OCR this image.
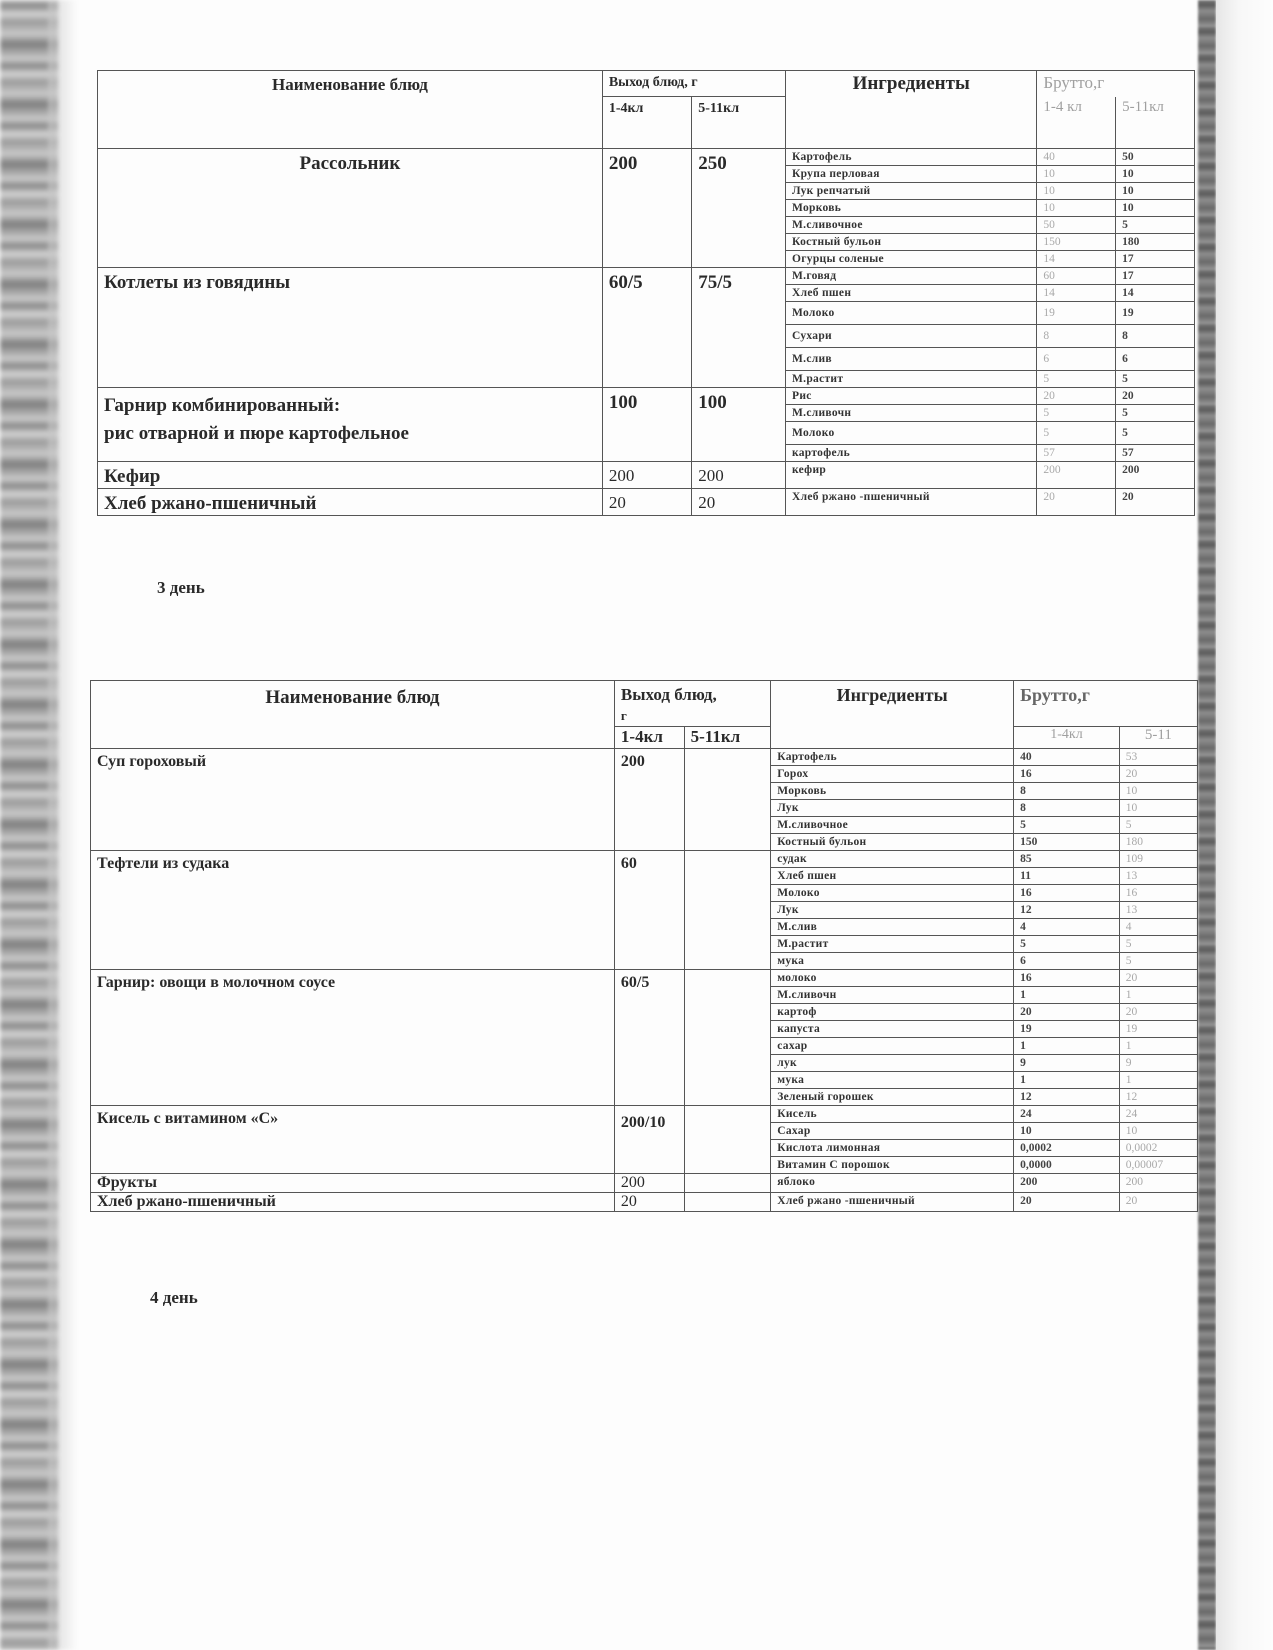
Наименование блюд	Выход блюд, г		Ингредиенты	Брутто,г	
	1-4кл	5-11кл		1-4 кл	5-11кл
Рассольник	200	250	Картофель	40	50
			Крупа перловая	10	10
			Лук репчатый	10	10
			Морковь	10	10
			М.сливочное	50	5
			Костный бульон	150	180
			Огурцы соленые	14	17
Котлеты из говядины	60/5	75/5	М.говяд	60	17
			Хлеб пшен	14	14
			Молоко	19	19
			Сухари	8	8
			М.слив	6	6
			М.растит	5	5
Гарнир комбинированный:
рис отварной и пюре картофельное	100	100	Рис	20	20
			М.сливочн	5	5
			Молоко	5	5
			картофель	57	57
Кефир	200	200	кефир	200	200
Хлеб ржано-пшеничный	20	20	Хлеб ржано -пшеничный	20	20
3 день
Наименование блюд	Выход блюд,
г		Ингредиенты	Брутто,г	
	1-4кл	5-11кл		1-4кл	5-11
Суп гороховый	200		Картофель	40	53
			Горох	16	20
			Морковь	8	10
			Лук	8	10
			М.сливочное	5	5
			Костный бульон	150	180
Тефтели из судака	60		судак	85	109
			Хлеб пшен	11	13
			Молоко	16	16
			Лук	12	13
			М.слив	4	4
			М.растит	5	5
			мука	6	5
Гарнир: овощи в молочном соусе	60/5		молоко	16	20
			М.сливочн	1	1
			картоф	20	20
			капуста	19	19
			сахар	1	1
			лук	9	9
			мука	1	1
			Зеленый горошек	12	12
Кисель с витамином «С»	200/10		Кисель	24	24
			Сахар	10	10
			Кислота лимонная	0,0002	0,0002
			Витамин С порошок	0,0000	0,00007
Фрукты	200		яблоко	200	200
Хлеб ржано-пшеничный	20		Хлеб ржано -пшеничный	20	20
4 день
